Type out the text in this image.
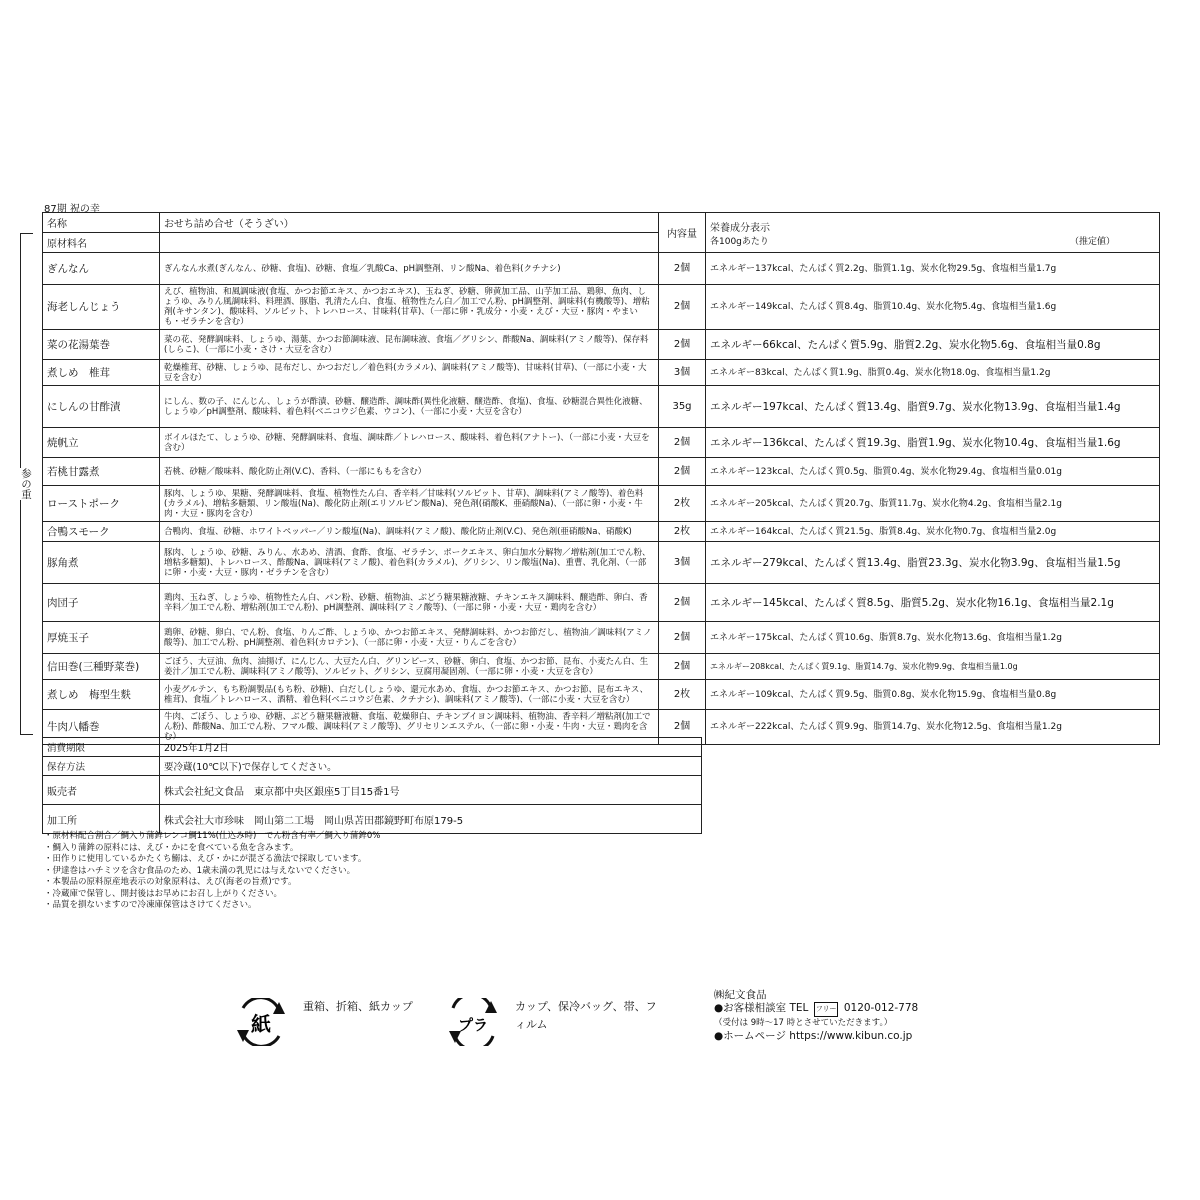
87期 祝の幸
参の重
名称	おせち詰め合せ（そうざい）	内容量	栄養成分表示
各100gあたり （推定値）

原材料名			
ぎんなん	ぎんなん水煮(ぎんなん、砂糖、食塩)、砂糖、食塩／乳酸Ca、pH調整剤、リン酸Na、着色料(クチナシ)	2個	エネルギー137kcal、たんぱく質2.2g、脂質1.1g、炭水化物29.5g、食塩相当量1.7g
海老しんじょう	えび、植物油、和風調味液(食塩、かつお節エキス、かつおエキス)、玉ねぎ、砂糖、卵黄加工品、山芋加工品、鶏卵、魚肉、しょうゆ、みりん風調味料、料理酒、豚脂、乳清たん白、食塩、植物性たん白／加工でん粉、pH調整剤、調味料(有機酸等)、増粘剤(キサンタン)、酸味料、ソルビット、トレハロース、甘味料(甘草)、（一部に卵・乳成分・小麦・えび・大豆・豚肉・やまいも・ゼラチンを含む）	2個	エネルギー149kcal、たんぱく質8.4g、脂質10.4g、炭水化物5.4g、食塩相当量1.6g
菜の花湯葉巻	菜の花、発酵調味料、しょうゆ、湯葉、かつお節調味液、昆布調味液、食塩／グリシン、酢酸Na、調味料(アミノ酸等)、保存料(しらこ)、（一部に小麦・さけ・大豆を含む）	2個	エネルギー66kcal、たんぱく質5.9g、脂質2.2g、炭水化物5.6g、食塩相当量0.8g
煮しめ　椎茸	乾燥椎茸、砂糖、しょうゆ、昆布だし、かつおだし／着色料(カラメル)、調味料(アミノ酸等)、甘味料(甘草)、（一部に小麦・大豆を含む）	3個	エネルギー83kcal、たんぱく質1.9g、脂質0.4g、炭水化物18.0g、食塩相当量1.2g
にしんの甘酢漬	にしん、数の子、にんじん、しょうが酢漬、砂糖、醸造酢、調味酢(異性化液糖、醸造酢、食塩)、食塩、砂糖混合異性化液糖、しょうゆ／pH調整剤、酸味料、着色料(ベニコウジ色素、ウコン)、（一部に小麦・大豆を含む）	35g	エネルギー197kcal、たんぱく質13.4g、脂質9.7g、炭水化物13.9g、食塩相当量1.4g
焼帆立	ボイルほたて、しょうゆ、砂糖、発酵調味料、食塩、調味酢／トレハロース、酸味料、着色料(アナトー)、（一部に小麦・大豆を含む）	2個	エネルギー136kcal、たんぱく質19.3g、脂質1.9g、炭水化物10.4g、食塩相当量1.6g
若桃甘露煮	若桃、砂糖／酸味料、酸化防止剤(V.C)、香料、（一部にももを含む）	2個	エネルギー123kcal、たんぱく質0.5g、脂質0.4g、炭水化物29.4g、食塩相当量0.01g
ローストポーク	豚肉、しょうゆ、果糖、発酵調味料、食塩、植物性たん白、香辛料／甘味料(ソルビット、甘草)、調味料(アミノ酸等)、着色料(カラメル)、増粘多糖類、リン酸塩(Na)、酸化防止剤(エリソルビン酸Na)、発色剤(硝酸K、亜硝酸Na)、（一部に卵・小麦・牛肉・大豆・豚肉を含む）	2枚	エネルギー205kcal、たんぱく質20.7g、脂質11.7g、炭水化物4.2g、食塩相当量2.1g
合鴨スモーク	合鴨肉、食塩、砂糖、ホワイトペッパー／リン酸塩(Na)、調味料(アミノ酸)、酸化防止剤(V.C)、発色剤(亜硝酸Na、硝酸K)	2枚	エネルギー164kcal、たんぱく質21.5g、脂質8.4g、炭水化物0.7g、食塩相当量2.0g
豚角煮	豚肉、しょうゆ、砂糖、みりん、水あめ、清酒、食酢、食塩、ゼラチン、ポークエキス、卵白加水分解物／増粘剤(加工でん粉、増粘多糖類)、トレハロース、酢酸Na、調味料(アミノ酸)、着色料(カラメル)、グリシン、リン酸塩(Na)、重曹、乳化剤、（一部に卵・小麦・大豆・豚肉・ゼラチンを含む）	3個	エネルギー279kcal、たんぱく質13.4g、脂質23.3g、炭水化物3.9g、食塩相当量1.5g
肉団子	鶏肉、玉ねぎ、しょうゆ、植物性たん白、パン粉、砂糖、植物油、ぶどう糖果糖液糖、チキンエキス調味料、醸造酢、卵白、香辛料／加工でん粉、増粘剤(加工でん粉)、pH調整剤、調味料(アミノ酸等)、（一部に卵・小麦・大豆・鶏肉を含む）	2個	エネルギー145kcal、たんぱく質8.5g、脂質5.2g、炭水化物16.1g、食塩相当量2.1g
厚焼玉子	鶏卵、砂糖、卵白、でん粉、食塩、りんご酢、しょうゆ、かつお節エキス、発酵調味料、かつお節だし、植物油／調味料(アミノ酸等)、加工でん粉、pH調整剤、着色料(カロテン)、（一部に卵・小麦・大豆・りんごを含む）	2個	エネルギー175kcal、たんぱく質10.6g、脂質8.7g、炭水化物13.6g、食塩相当量1.2g
信田巻(三種野菜巻)	ごぼう、大豆油、魚肉、油揚げ、にんじん、大豆たん白、グリンピース、砂糖、卵白、食塩、かつお節、昆布、小麦たん白、生姜汁／加工でん粉、調味料(アミノ酸等)、ソルビット、グリシン、豆腐用凝固剤、（一部に卵・小麦・大豆を含む）	2個	エネルギー208kcal、たんぱく質9.1g、脂質14.7g、炭水化物9.9g、食塩相当量1.0g
煮しめ　梅型生麩	小麦グルテン、もち粉調製品(もち粉、砂糖)、白だし(しょうゆ、還元水あめ、食塩、かつお節エキス、かつお節、昆布エキス、椎茸)、食塩／トレハロース、酒精、着色料(ベニコウジ色素、クチナシ)、調味料(アミノ酸等)、（一部に小麦・大豆を含む）	2枚	エネルギー109kcal、たんぱく質9.5g、脂質0.8g、炭水化物15.9g、食塩相当量0.8g
牛肉八幡巻	牛肉、ごぼう、しょうゆ、砂糖、ぶどう糖果糖液糖、食塩、乾燥卵白、チキンブイヨン調味料、植物油、香辛料／増粘剤(加工でん粉)、酢酸Na、加工でん粉、フマル酸、調味料(アミノ酸等)、グリセリンエステル、（一部に卵・小麦・牛肉・大豆・鶏肉を含む）	2個	エネルギー222kcal、たんぱく質9.9g、脂質14.7g、炭水化物12.5g、食塩相当量1.2g
消費期限	2025年1月2日
保存方法	要冷蔵(10℃以下)で保存してください。
販売者	株式会社紀文食品　東京都中央区銀座5丁目15番1号
加工所	株式会社大市珍味　岡山第二工場　岡山県苫田郡鏡野町布原179-5
・原材料配合割合／鯛入り蒲鉾レンコ鯛11%(仕込み時)　でん粉含有率／鯛入り蒲鉾0%
・鯛入り蒲鉾の原料には、えび・かにを食べている魚を含みます。
・田作りに使用しているかたくち鰯は、えび・かにが混ざる漁法で採取しています。
・伊達巻はハチミツを含む食品のため、1歳未満の乳児には与えないでください。
・本製品の原料原産地表示の対象原料は、えび(海老の旨煮)です。
・冷蔵庫で保管し、開封後はお早めにお召し上がりください。
・品質を損ないますので冷凍庫保管はさけてください。
紙
重箱、折箱、紙カップ
プラ
カップ、保冷バッグ、帯、フィルム
㈱紀文食品
●お客様相談室 TEL フリー 0120-012-778
（受付は 9時～17 時とさせていただきます。）
●ホームページ https://www.kibun.co.jp
